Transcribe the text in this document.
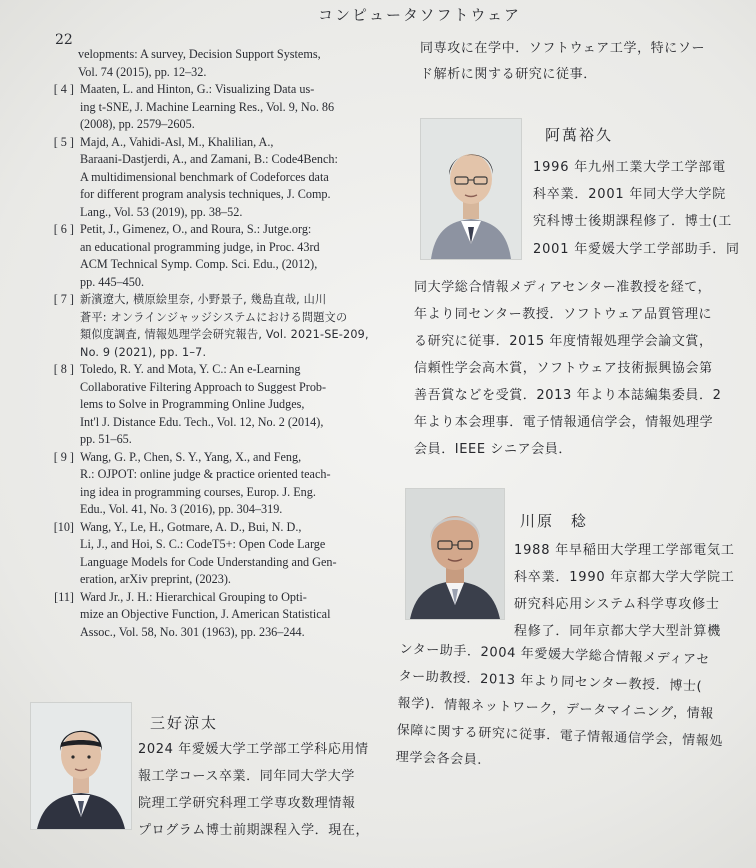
コンピュータソフトウェア
22
velopments: A survey, Decision Support Systems,
Vol. 74 (2015), pp. 12–32.
[ 4 ] Maaten, L. and Hinton, G.: Visualizing Data us-
ing t-SNE, J. Machine Learning Res., Vol. 9, No. 86
(2008), pp. 2579–2605.
[ 5 ] Majd, A., Vahidi-Asl, M., Khalilian, A.,
Baraani-Dastjerdi, A., and Zamani, B.: Code4Bench:
A multidimensional benchmark of Codeforces data
for different program analysis techniques, J. Comp.
Lang., Vol. 53 (2019), pp. 38–52.
[ 6 ] Petit, J., Gimenez, O., and Roura, S.: Jutge.org:
an educational programming judge, in Proc. 43rd
ACM Technical Symp. Comp. Sci. Edu., (2012),
pp. 445–450.
[ 7 ] 新濱遼大, 横原絵里奈, 小野景子, 幾島直哉, 山川
蒼平: オンラインジャッジシステムにおける問題文の
類似度調査, 情報処理学会研究報告, Vol. 2021-SE-209,
No. 9 (2021), pp. 1–7.
[ 8 ] Toledo, R. Y. and Mota, Y. C.: An e-Learning
Collaborative Filtering Approach to Suggest Prob-
lems to Solve in Programming Online Judges,
Int'l J. Distance Edu. Tech., Vol. 12, No. 2 (2014),
pp. 51–65.
[ 9 ] Wang, G. P., Chen, S. Y., Yang, X., and Feng,
R.: OJPOT: online judge & practice oriented teach-
ing idea in programming courses, Europ. J. Eng.
Edu., Vol. 41, No. 3 (2016), pp. 304–319.
[10] Wang, Y., Le, H., Gotmare, A. D., Bui, N. D.,
Li, J., and Hoi, S. C.: CodeT5+: Open Code Large
Language Models for Code Understanding and Gen-
eration, arXiv preprint, (2023).
[11] Ward Jr., J. H.: Hierarchical Grouping to Opti-
mize an Objective Function, J. American Statistical
Assoc., Vol. 58, No. 301 (1963), pp. 236–244.
同専攻に在学中．ソフトウェア工学，特にソー
ド解析に関する研究に従事．
阿萬裕久
1996 年九州工業大学工学部電
科卒業．2001 年同大学大学院
究科博士後期課程修了．博士(工
2001 年愛媛大学工学部助手．同
同大学総合情報メディアセンター准教授を経て，
年より同センター教授．ソフトウェア品質管理に
る研究に従事．2015 年度情報処理学会論文賞，
信頼性学会高木賞，ソフトウェア技術振興協会第
善吾賞などを受賞．2013 年より本誌編集委員．2
年より本会理事．電子情報通信学会，情報処理学
会員．IEEE シニア会員．
川原　稔
1988 年早稲田大学理工学部電気工
科卒業．1990 年京都大学大学院工
研究科応用システム科学専攻修士
程修了．同年京都大学大型計算機
ンター助手．2004 年愛媛大学総合情報メディアセ
ター助教授．2013 年より同センター教授．博士(
報学)．情報ネットワーク，データマイニング，情報
保障に関する研究に従事．電子情報通信学会，情報処
理学会各会員．
三好涼太
2024 年愛媛大学工学部工学科応用情
報工学コース卒業．同年同大学大学
院理工学研究科理工学専攻数理情報
プログラム博士前期課程入学．現在，
